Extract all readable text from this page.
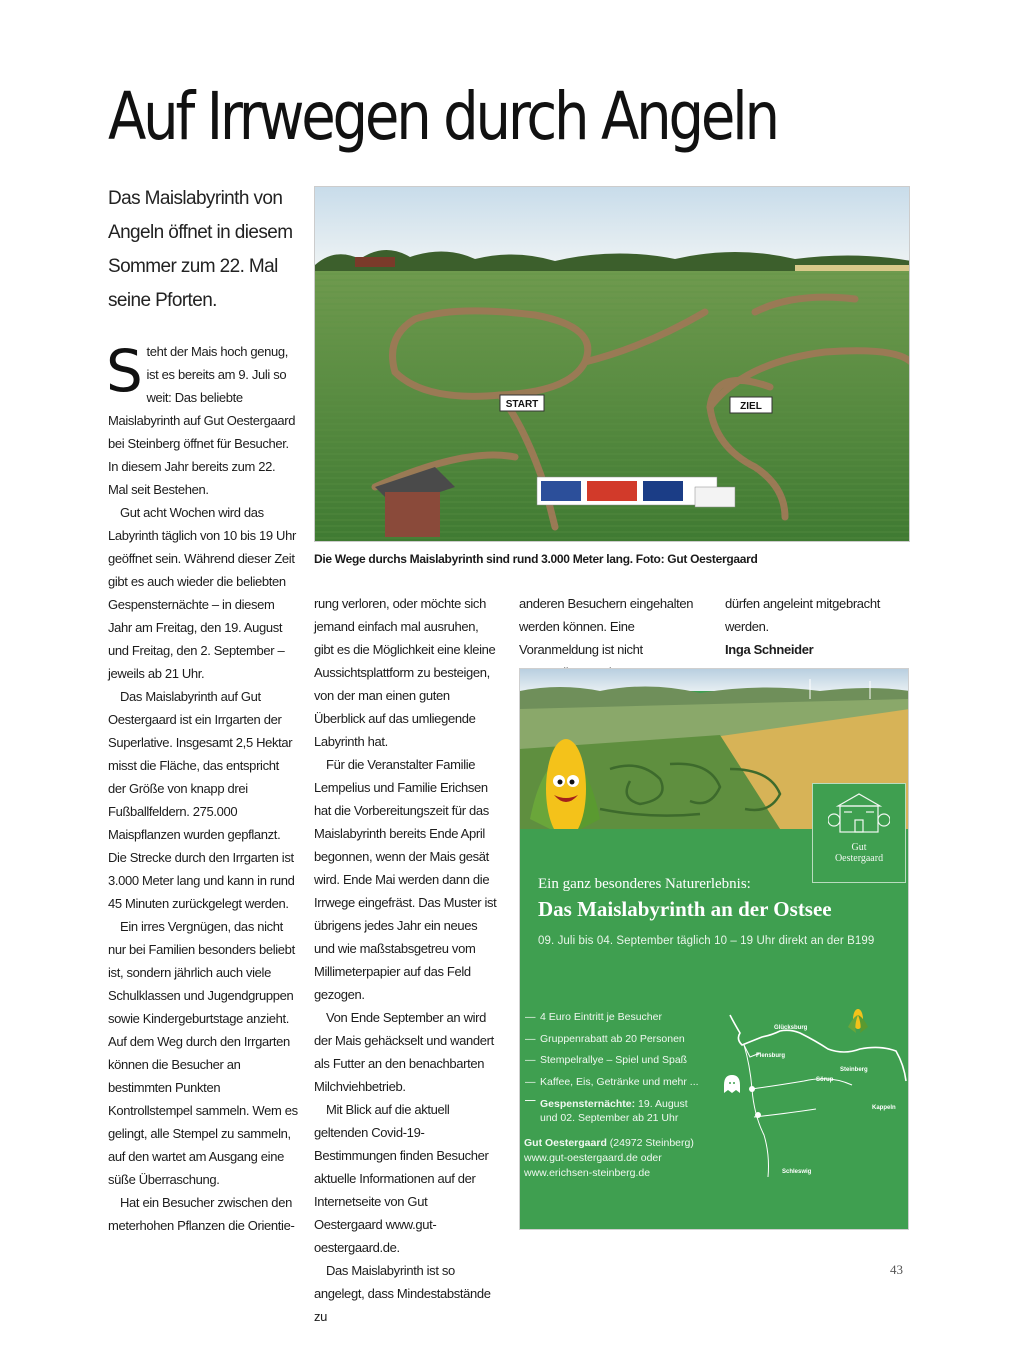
Auf Irrwegen durch Angeln
Das Maislabyrinth von Angeln öffnet in diesem Sommer zum 22. Mal seine Pforten.
START	ZIEL
Die Wege durchs Maislabyrinth sind rund 3.000 Meter lang. Foto: Gut Oestergaard

S teht der Mais hoch genug, ist es bereits am 9. Juli so weit: Das beliebte Maislabyrinth auf Gut Oestergaard bei Steinberg öffnet für Besucher. In diesem Jahr bereits zum 22. Mal seit Bestehen.

Gut acht Wochen wird das Labyrinth täglich von 10 bis 19 Uhr geöffnet sein. Während dieser Zeit gibt es auch wieder die beliebten Gespensternächte – in diesem Jahr am Freitag, den 19. August und Freitag, den 2. September – jeweils ab 21 Uhr.

Das Maislabyrinth auf Gut Oestergaard ist ein Irrgarten der Superlative. Insgesamt 2,5 Hektar misst die Fläche, das entspricht der Größe von knapp drei Fußballfeldern. 275.000 Maispflanzen wurden gepflanzt. Die Strecke durch den Irrgarten ist 3.000 Meter lang und kann in rund 45 Minuten zurückgelegt werden.

Ein irres Vergnügen, das nicht nur bei Familien besonders beliebt ist, sondern jährlich auch viele Schulklassen und Jugendgruppen sowie Kindergeburtstage anzieht. Auf dem Weg durch den Irrgarten können die Besucher an bestimmten Punkten Kontrollstempel sammeln. Wem es gelingt, alle Stempel zu sammeln, auf den wartet am Ausgang eine süße Überraschung.

Hat ein Besucher zwischen den meterhohen Pflanzen die Orientie-

rung verloren, oder möchte sich jemand einfach mal ausruhen, gibt es die Möglichkeit eine kleine Aussichtsplattform zu besteigen, von der man einen guten Überblick auf das umliegende Labyrinth hat.

Für die Veranstalter Familie Lempelius und Familie Erichsen hat die Vorbereitungszeit für das Maislabyrinth bereits Ende April begonnen, wenn der Mais gesät wird. Ende Mai werden dann die Irrwege eingefräst. Das Muster ist übrigens jedes Jahr ein neues und wie maßstabsgetreu vom Millimeterpapier auf das Feld gezogen.

Von Ende September an wird der Mais gehäckselt und wandert als Futter an den benachbarten Milchviehbetrieb.

Mit Blick auf die aktuell geltenden Covid-19-Bestimmungen finden Besucher aktuelle Informationen auf der Internetseite von Gut Oestergaard www.gut-oestergaard.de.

Das Maislabyrinth ist so angelegt, dass Mindestabstände zu

anderen Besuchern eingehalten werden können. Eine Voranmeldung ist nicht

dürfen angeleint mitgebracht werden.

Inga Schneider

Gut
Oestergaard
Ein ganz besonderes Naturerlebnis:
Das Maislabyrinth an der Ostsee
09. Juli bis 04. September täglich 10 – 19 Uhr direkt an der B199
— 4 Euro Eintritt je Besucher
— Gruppenrabatt ab 20 Personen
— Stempelrallye – Spiel und Spaß
— Kaffee, Eis, Getränke und mehr ...
— Gespensternächte: 19. August
und 02. September ab 21 Uhr
Gut Oestergaard (24972 Steinberg)
www.gut-oestergaard.de oder
www.erichsen-steinberg.de
Glücksburg
Flensburg
Sörup
Steinberg
Kappeln
Schleswig
43
